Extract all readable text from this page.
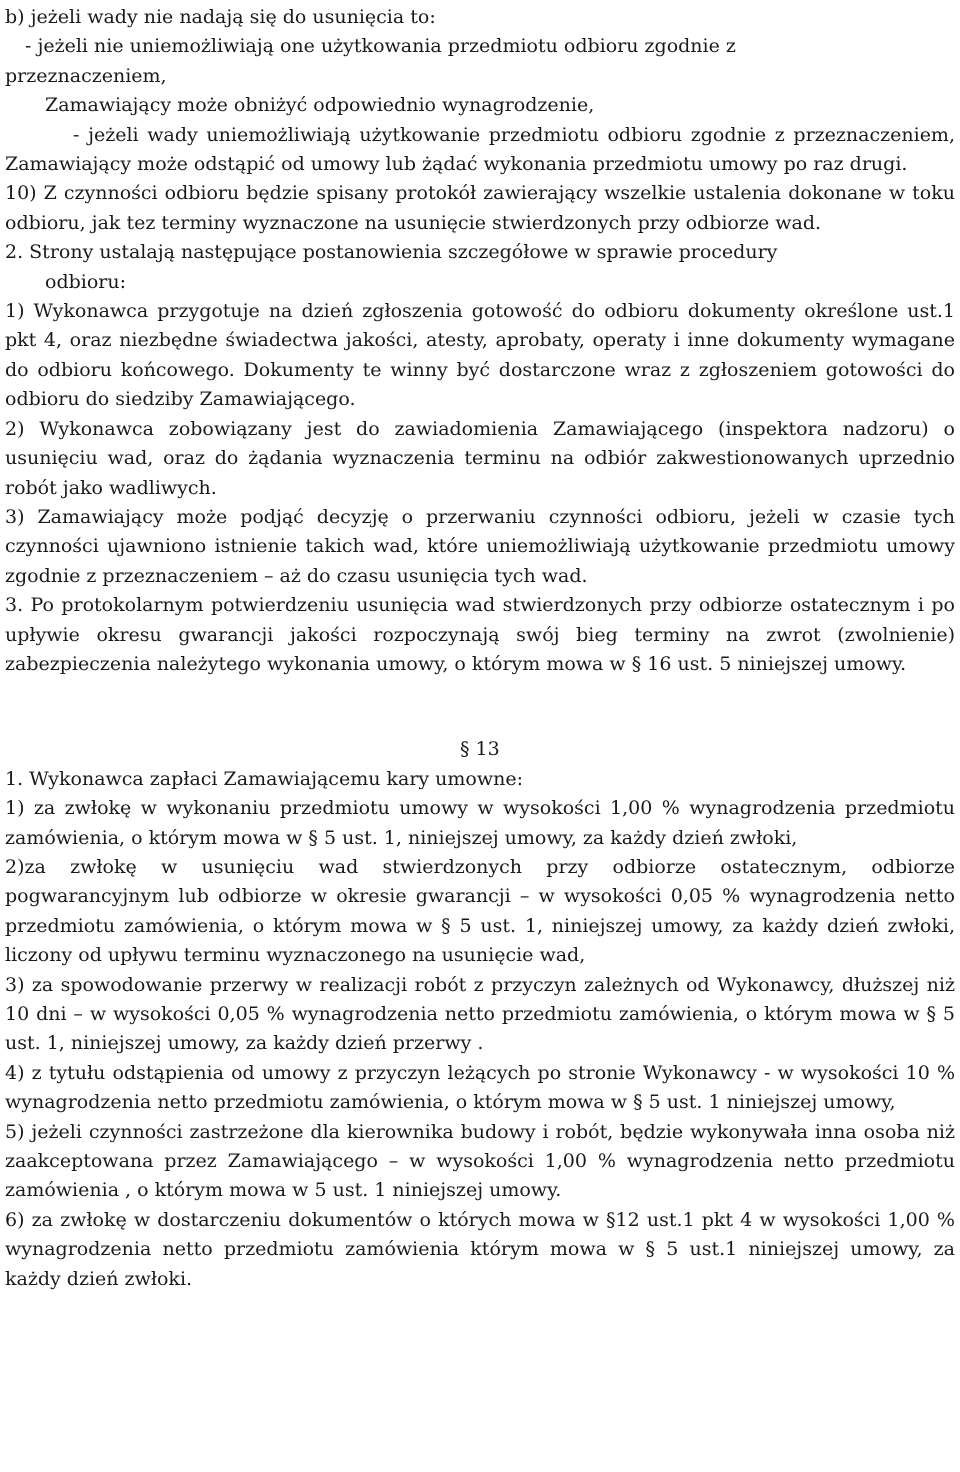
b) jeżeli wady nie nadają się do usunięcia to:

- jeżeli nie uniemożliwiają one użytkowania przedmiotu odbioru zgodnie z

przeznaczeniem,

Zamawiający może obniżyć odpowiednio wynagrodzenie,

- jeżeli wady uniemożliwiają użytkowanie przedmiotu odbioru zgodnie z przeznaczeniem, Zamawiający może odstąpić od umowy lub żądać wykonania przedmiotu umowy po raz drugi.

10) Z czynności odbioru będzie spisany protokół zawierający wszelkie ustalenia dokonane w toku odbioru, jak tez terminy wyznaczone na usunięcie stwierdzonych przy odbiorze wad.

2. Strony ustalają następujące postanowienia szczegółowe w sprawie procedury

odbioru:

1) Wykonawca przygotuje na dzień zgłoszenia gotowość do odbioru dokumenty określone ust.1 pkt 4, oraz niezbędne świadectwa jakości, atesty, aprobaty, operaty i inne dokumenty wymagane do odbioru końcowego. Dokumenty te winny być dostarczone wraz z zgłoszeniem gotowości do odbioru do siedziby Zamawiającego.

2) Wykonawca zobowiązany jest do zawiadomienia Zamawiającego (inspektora nadzoru) o usunięciu wad, oraz do żądania wyznaczenia terminu na odbiór zakwestionowanych uprzednio robót jako wadliwych.

3) Zamawiający może podjąć decyzję o przerwaniu czynności odbioru, jeżeli w czasie tych czynności ujawniono istnienie takich wad, które uniemożliwiają użytkowanie przedmiotu umowy zgodnie z przeznaczeniem – aż do czasu usunięcia tych wad.

3. Po protokolarnym potwierdzeniu usunięcia wad stwierdzonych przy odbiorze ostatecznym i po upływie okresu gwarancji jakości rozpoczynają swój bieg terminy na zwrot (zwolnienie) zabezpieczenia należytego wykonania umowy, o którym mowa w § 16 ust. 5 niniejszej umowy.

§ 13

1. Wykonawca zapłaci Zamawiającemu kary umowne:

1) za zwłokę w wykonaniu przedmiotu umowy w wysokości 1,00 % wynagrodzenia przedmiotu zamówienia, o którym mowa w § 5 ust. 1, niniejszej umowy, za każdy dzień zwłoki,

2)za zwłokę w usunięciu wad stwierdzonych przy odbiorze ostatecznym, odbiorze pogwarancyjnym lub odbiorze w okresie gwarancji – w wysokości 0,05 % wynagrodzenia netto przedmiotu zamówienia, o którym mowa w § 5 ust. 1, niniejszej umowy, za każdy dzień zwłoki, liczony od upływu terminu wyznaczonego na usunięcie wad,

3) za spowodowanie przerwy w realizacji robót z przyczyn zależnych od Wykonawcy, dłuższej niż 10 dni – w wysokości 0,05 % wynagrodzenia netto przedmiotu zamówienia, o którym mowa w § 5 ust. 1, niniejszej umowy, za każdy dzień przerwy .

4) z tytułu odstąpienia od umowy z przyczyn leżących po stronie Wykonawcy - w wysokości 10 % wynagrodzenia netto przedmiotu zamówienia, o którym mowa w § 5 ust. 1 niniejszej umowy,

5) jeżeli czynności zastrzeżone dla kierownika budowy i robót, będzie wykonywała inna osoba niż zaakceptowana przez Zamawiającego – w wysokości 1,00 % wynagrodzenia netto przedmiotu zamówienia , o którym mowa w 5 ust. 1 niniejszej umowy.

6) za zwłokę w dostarczeniu dokumentów o których mowa w §12 ust.1 pkt 4 w wysokości 1,00 % wynagrodzenia netto przedmiotu zamówienia którym mowa w § 5 ust.1 niniejszej umowy, za każdy dzień zwłoki.
